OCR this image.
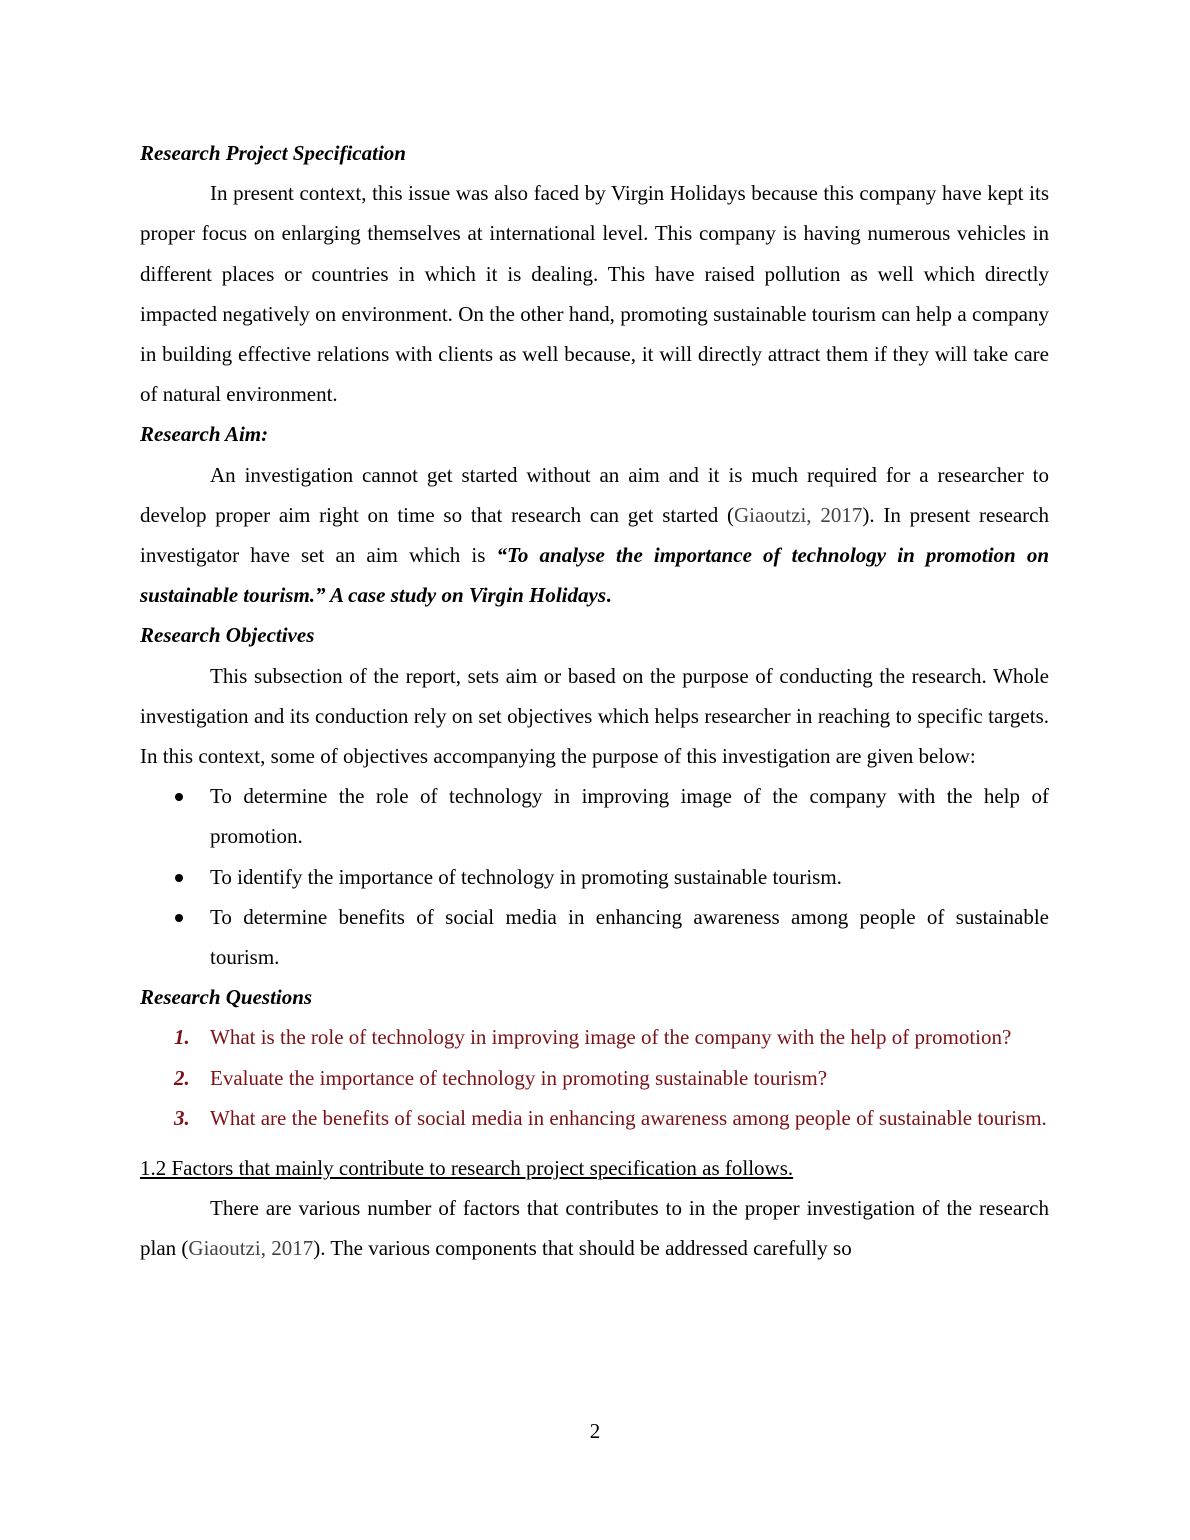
Research Project Specification

In present context, this issue was also faced by Virgin Holidays because this company have kept its proper focus on enlarging themselves at international level. This company is having numerous vehicles in different places or countries in which it is dealing. This have raised pollution as well which directly impacted negatively on environment. On the other hand, promoting sustainable tourism can help a company in building effective relations with clients as well because, it will directly attract them if they will take care of natural environment.

Research Aim:

An investigation cannot get started without an aim and it is much required for a researcher to develop proper aim right on time so that research can get started (Giaoutzi, 2017). In present research investigator have set an aim which is “To analyse the importance of technology in promotion on sustainable tourism.” A case study on Virgin Holidays.

Research Objectives

This subsection of the report, sets aim or based on the purpose of conducting the research. Whole investigation and its conduction rely on set objectives which helps researcher in reaching to specific targets. In this context, some of objectives accompanying the purpose of this investigation are given below:

To determine the role of technology in improving image of the company with the help of promotion.
To identify the importance of technology in promoting sustainable tourism.
To determine benefits of social media in enhancing awareness among people of sustainable tourism.

Research Questions

1. What is the role of technology in improving image of the company with the help of promotion?
2. Evaluate the importance of technology in promoting sustainable tourism?
3. What are the benefits of social media in enhancing awareness among people of sustainable tourism.

1.2 Factors that mainly contribute to research project specification as follows.

There are various number of factors that contributes to in the proper investigation of the research plan (Giaoutzi, 2017). The various components that should be addressed carefully so

2
